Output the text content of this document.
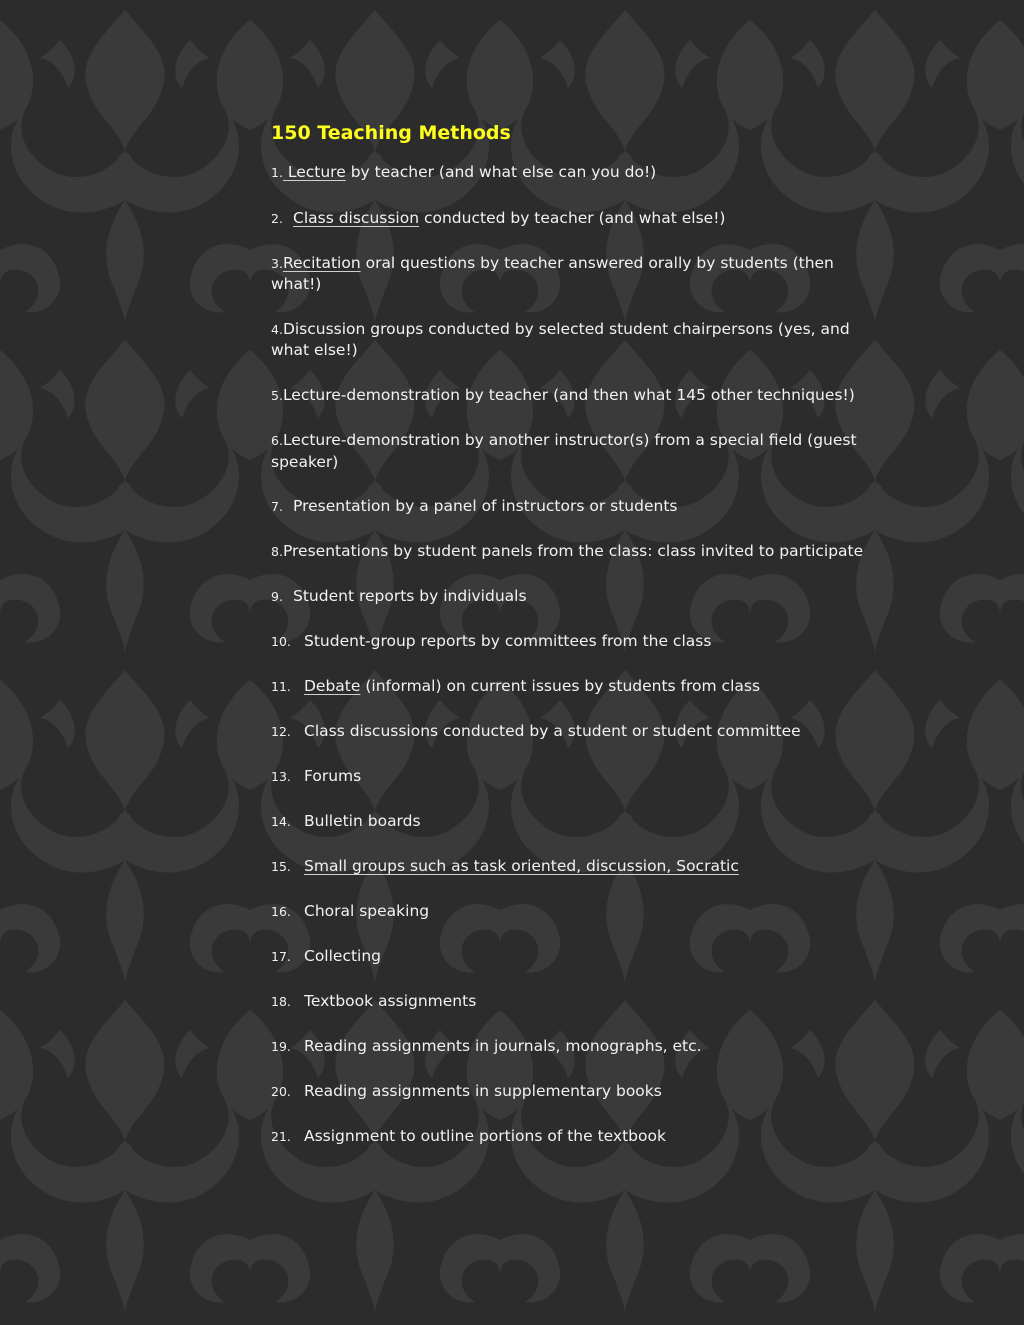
150 Teaching Methods

1. Lecture by teacher (and what else can you do!)

2. Class discussion conducted by teacher (and what else!)

3.Recitation oral questions by teacher answered orally by students (then what!)

4.Discussion groups conducted by selected student chairpersons (yes, and what else!)

5.Lecture-demonstration by teacher (and then what 145 other techniques!)

6.Lecture-demonstration by another instructor(s) from a special field (guest speaker)

7. Presentation by a panel of instructors or students

8.Presentations by student panels from the class: class invited to participate

9. Student reports by individuals

10. Student-group reports by committees from the class

11. Debate (informal) on current issues by students from class

12. Class discussions conducted by a student or student committee

13. Forums

14. Bulletin boards

15. Small groups such as task oriented, discussion, Socratic

16. Choral speaking

17. Collecting

18. Textbook assignments

19. Reading assignments in journals, monographs, etc.

20. Reading assignments in supplementary books

21. Assignment to outline portions of the textbook
